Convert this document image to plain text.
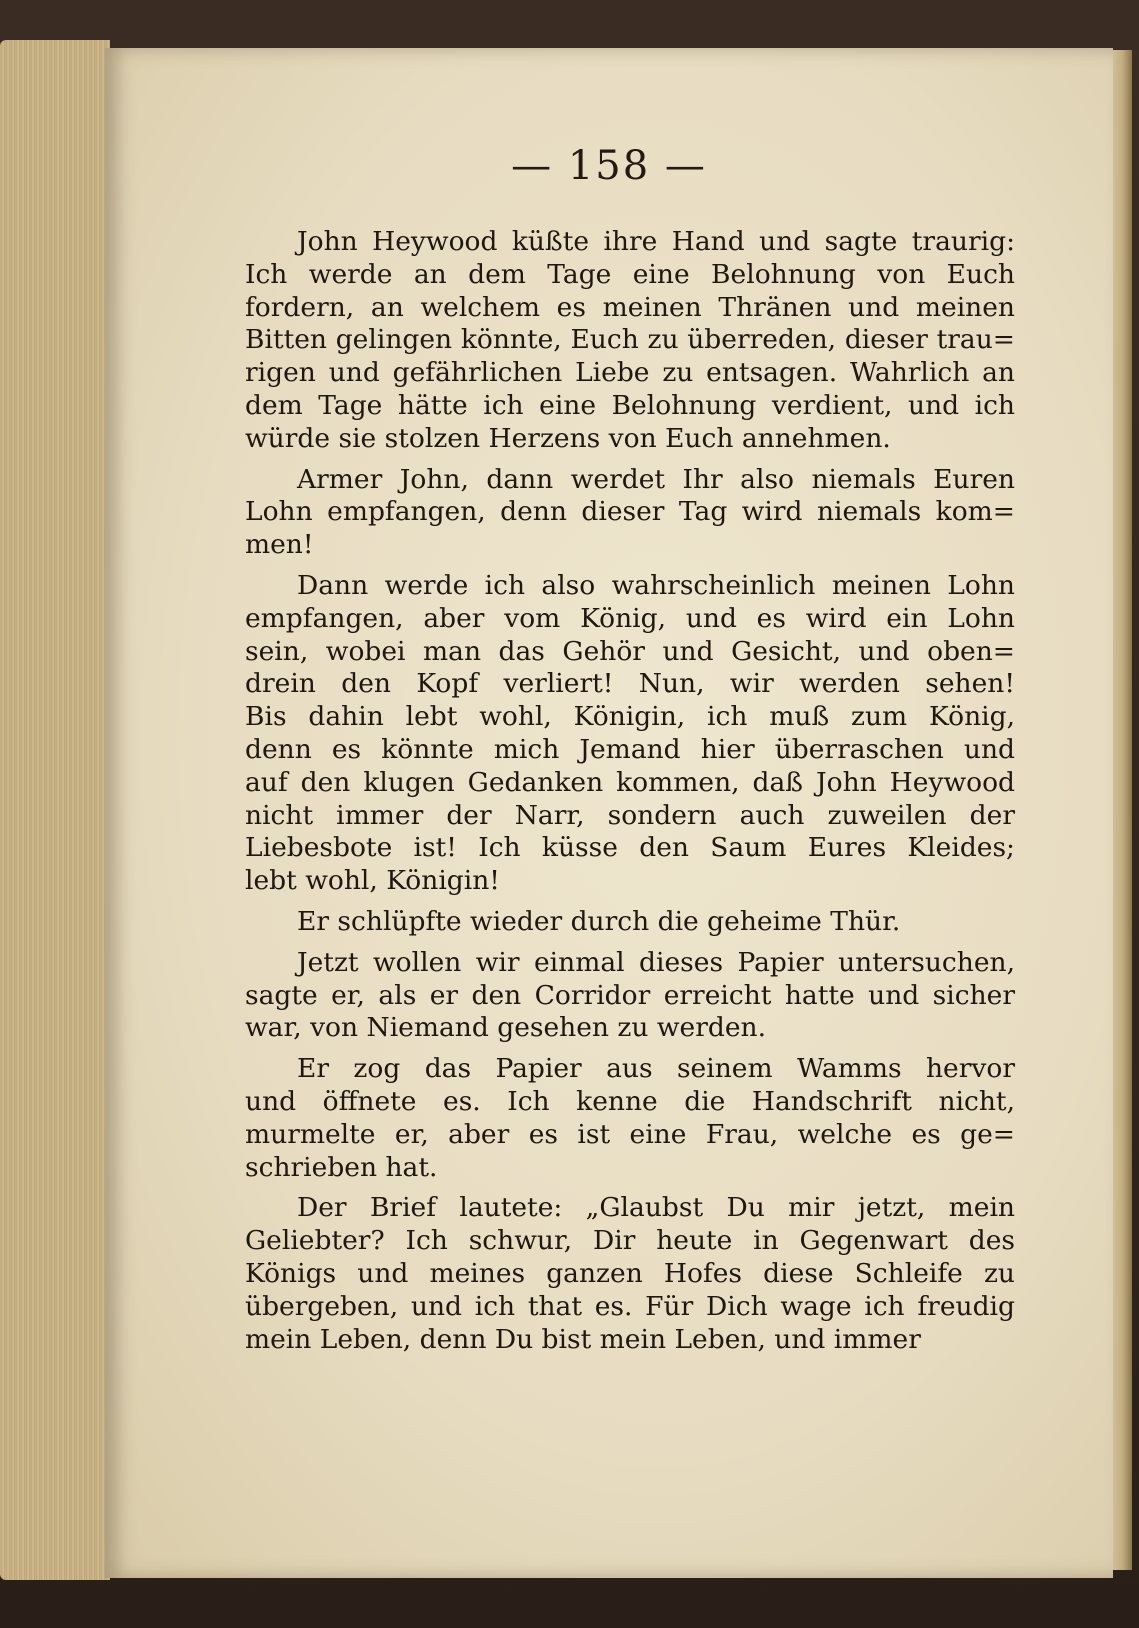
— 158 —
John Heywood küßte ihre Hand und sagte traurig:
Ich werde an dem Tage eine Belohnung von Euch
fordern, an welchem es meinen Thränen und meinen
Bitten gelingen könnte, Euch zu überreden, dieser trau=
rigen und gefährlichen Liebe zu entsagen. Wahrlich an
dem Tage hätte ich eine Belohnung verdient, und ich
würde sie stolzen Herzens von Euch annehmen.
Armer John, dann werdet Ihr also niemals Euren
Lohn empfangen, denn dieser Tag wird niemals kom=
men!
Dann werde ich also wahrscheinlich meinen Lohn
empfangen, aber vom König, und es wird ein Lohn
sein, wobei man das Gehör und Gesicht, und oben=
drein den Kopf verliert! Nun, wir werden sehen!
Bis dahin lebt wohl, Königin, ich muß zum König,
denn es könnte mich Jemand hier überraschen und
auf den klugen Gedanken kommen, daß John Heywood
nicht immer der Narr, sondern auch zuweilen der
Liebesbote ist! Ich küsse den Saum Eures Kleides;
lebt wohl, Königin!
Er schlüpfte wieder durch die geheime Thür.
Jetzt wollen wir einmal dieses Papier untersuchen,
sagte er, als er den Corridor erreicht hatte und sicher
war, von Niemand gesehen zu werden.
Er zog das Papier aus seinem Wamms hervor
und öffnete es. Ich kenne die Handschrift nicht,
murmelte er, aber es ist eine Frau, welche es ge=
schrieben hat.
Der Brief lautete: „Glaubst Du mir jetzt, mein
Geliebter? Ich schwur, Dir heute in Gegenwart des
Königs und meines ganzen Hofes diese Schleife zu
übergeben, und ich that es. Für Dich wage ich freudig
mein Leben, denn Du bist mein Leben, und immer
